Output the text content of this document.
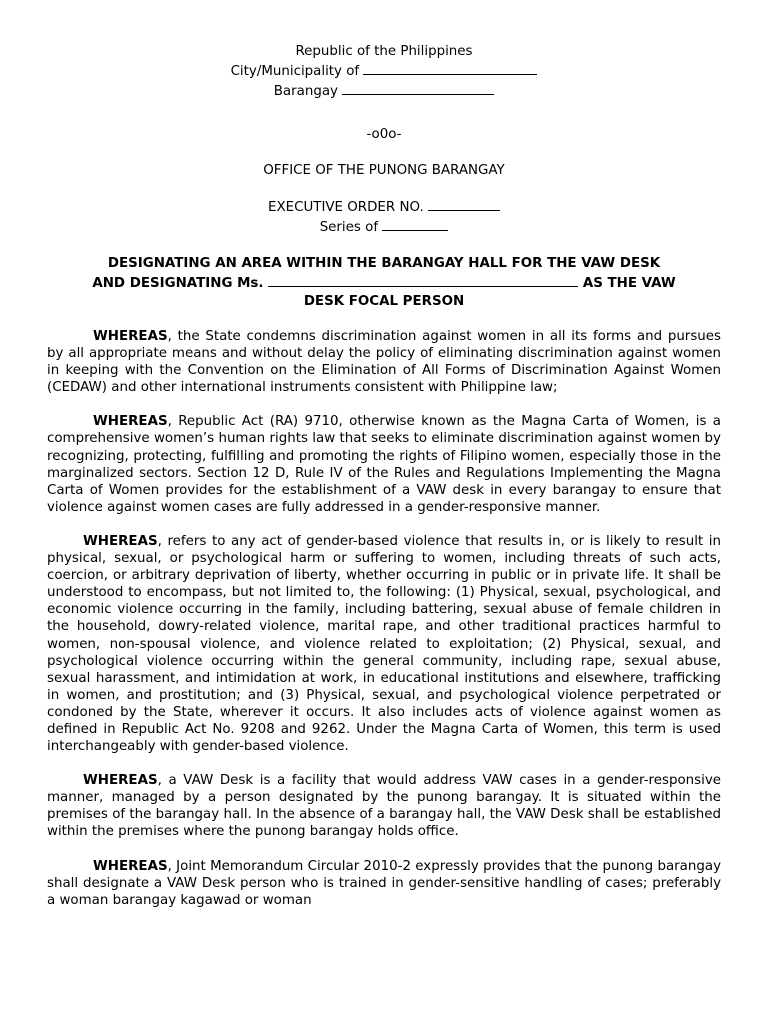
Republic of the Philippines
City/Municipality of
Barangay
-o0o-
OFFICE OF THE PUNONG BARANGAY
EXECUTIVE ORDER NO.
Series of
DESIGNATING AN AREA WITHIN THE BARANGAY HALL FOR THE VAW DESK
AND DESIGNATING Ms.	AS THE VAW
DESK FOCAL PERSON

WHEREAS, the State condemns discrimination against women in all its forms and pursues by all appropriate means and without delay the policy of eliminating discrimination against women in keeping with the Convention on the Elimination of All Forms of Discrimination Against Women (CEDAW) and other international instruments consistent with Philippine law;

WHEREAS, Republic Act (RA) 9710, otherwise known as the Magna Carta of Women, is a comprehensive women’s human rights law that seeks to eliminate discrimination against women by recognizing, protecting, fulfilling and promoting the rights of Filipino women, especially those in the marginalized sectors. Section 12 D, Rule IV of the Rules and Regulations Implementing the Magna Carta of Women provides for the establishment of a VAW desk in every barangay to ensure that violence against women cases are fully addressed in a gender-responsive manner.

WHEREAS, refers to any act of gender-based violence that results in, or is likely to result in physical, sexual, or psychological harm or suffering to women, including threats of such acts, coercion, or arbitrary deprivation of liberty, whether occurring in public or in private life. It shall be understood to encompass, but not limited to, the following: (1) Physical, sexual, psychological, and economic violence occurring in the family, including battering, sexual abuse of female children in the household, dowry-related violence, marital rape, and other traditional practices harmful to women, non-spousal violence, and violence related to exploitation; (2) Physical, sexual, and psychological violence occurring within the general community, including rape, sexual abuse, sexual harassment, and intimidation at work, in educational institutions and elsewhere, trafficking in women, and prostitution; and (3) Physical, sexual, and psychological violence perpetrated or condoned by the State, wherever it occurs. It also includes acts of violence against women as defined in Republic Act No. 9208 and 9262. Under the Magna Carta of Women, this term is used interchangeably with gender-based violence.

WHEREAS, a VAW Desk is a facility that would address VAW cases in a gender-responsive manner, managed by a person designated by the punong barangay. It is situated within the premises of the barangay hall. In the absence of a barangay hall, the VAW Desk shall be established within the premises where the punong barangay holds office.

WHEREAS, Joint Memorandum Circular 2010-2 expressly provides that the punong barangay shall designate a VAW Desk person who is trained in gender-sensitive handling of cases; preferably a woman barangay kagawad or woman
